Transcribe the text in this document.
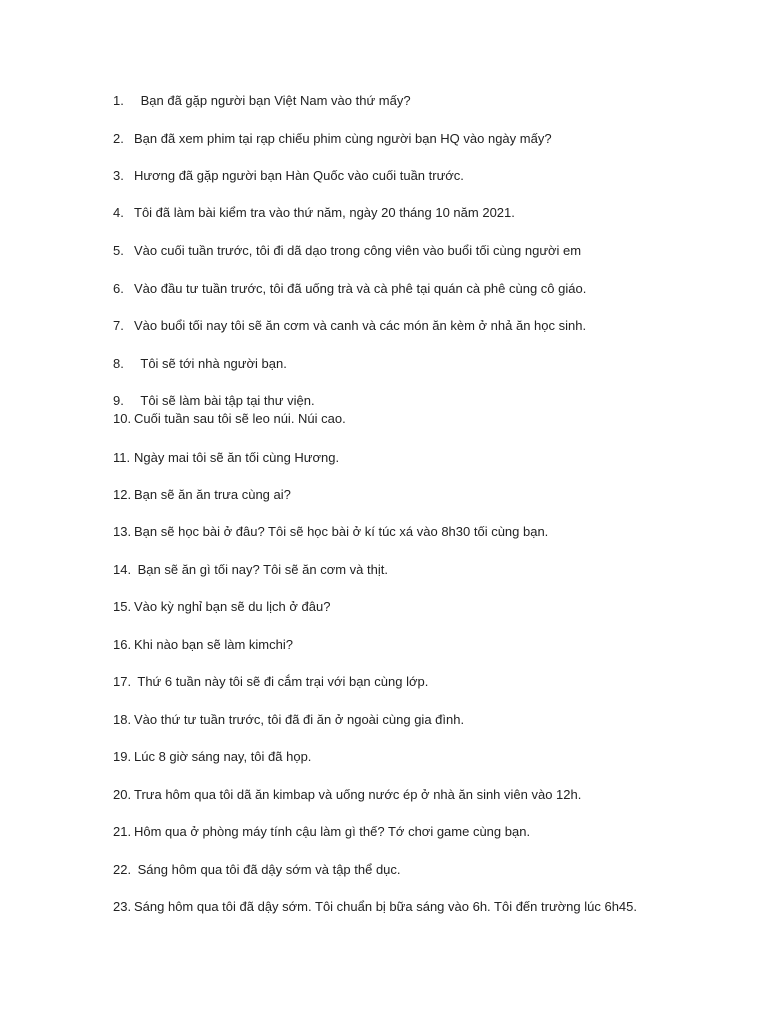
1. Bạn đã gặp người bạn Việt Nam vào thứ mấy?
2. Bạn đã xem phim tại rạp chiếu phim cùng người bạn HQ vào ngày mấy?
3. Hương đã gặp người bạn Hàn Quốc vào cuối tuần trước.
4. Tôi đã làm bài kiểm tra vào thứ năm, ngày 20 tháng 10 năm 2021.
5. Vào cuối tuần trước, tôi đi dã dạo trong công viên vào buổi tối cùng người em
6. Vào đầu tư tuần trước, tôi đã uống trà và cà phê tại quán cà phê cùng cô giáo.
7. Vào buổi tối nay tôi sẽ ăn cơm và canh và các món ăn kèm ở nhả ăn học sinh.
8. Tôi sẽ tới nhà người bạn.
9. Tôi sẽ làm bài tập tại thư viện.
10. Cuối tuần sau tôi sẽ leo núi. Núi cao.
11. Ngày mai tôi sẽ ăn tối cùng Hương.
12. Bạn sẽ ăn ăn trưa cùng ai?
13. Bạn sẽ học bài ở đâu? Tôi sẽ học bài ở kí túc xá vào 8h30 tối cùng bạn.
14. Bạn sẽ ăn gì tối nay? Tôi sẽ ăn cơm và thịt.
15. Vào kỳ nghỉ bạn sẽ du lịch ở đâu?
16. Khi nào bạn sẽ làm kimchi?
17. Thứ 6 tuần này tôi sẽ đi cắm trại với bạn cùng lớp.
18. Vào thứ tư tuần trước, tôi đã đi ăn ở ngoài cùng gia đình.
19. Lúc 8 giờ sáng nay, tôi đã họp.
20. Trưa hôm qua tôi dã ăn kimbap và uống nước ép ở nhà ăn sinh viên vào 12h.
21. Hôm qua ở phòng máy tính cậu làm gì thế? Tớ chơi game cùng bạn.
22. Sáng hôm qua tôi đã dậy sớm và tập thể dục.
23. Sáng hôm qua tôi đã dậy sớm. Tôi chuẩn bị bữa sáng vào 6h. Tôi đến trường lúc 6h45.
